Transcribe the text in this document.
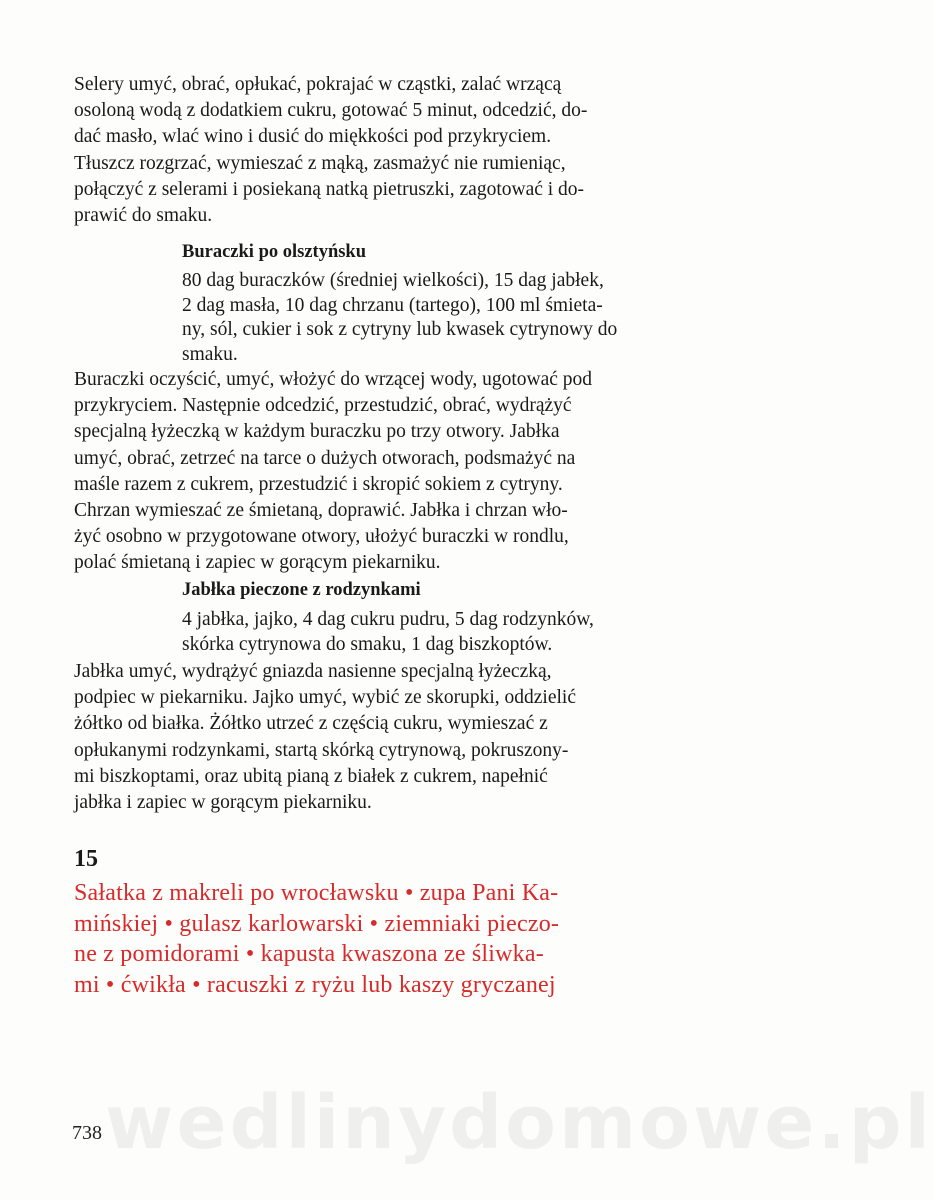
Selery umyć, obrać, opłukać, pokrajać w cząstki, zalać wrzącą
osoloną wodą z dodatkiem cukru, gotować 5 minut, odcedzić, do-
dać masło, wlać wino i dusić do miękkości pod przykryciem.
Tłuszcz rozgrzać, wymieszać z mąką, zasmażyć nie rumieniąc,
połączyć z selerami i posiekaną natką pietruszki, zagotować i do-
prawić do smaku.
Buraczki po olsztyńsku
80 dag buraczków (średniej wielkości), 15 dag jabłek,
2 dag masła, 10 dag chrzanu (tartego), 100 ml śmieta-
ny, sól, cukier i sok z cytryny lub kwasek cytrynowy do
smaku.
Buraczki oczyścić, umyć, włożyć do wrzącej wody, ugotować pod
przykryciem. Następnie odcedzić, przestudzić, obrać, wydrążyć
specjalną łyżeczką w każdym buraczku po trzy otwory. Jabłka
umyć, obrać, zetrzeć na tarce o dużych otworach, podsmażyć na
maśle razem z cukrem, przestudzić i skropić sokiem z cytryny.
Chrzan wymieszać ze śmietaną, doprawić. Jabłka i chrzan wło-
żyć osobno w przygotowane otwory, ułożyć buraczki w rondlu,
polać śmietaną i zapiec w gorącym piekarniku.
Jabłka pieczone z rodzynkami
4 jabłka, jajko, 4 dag cukru pudru, 5 dag rodzynków,
skórka cytrynowa do smaku, 1 dag biszkoptów.
Jabłka umyć, wydrążyć gniazda nasienne specjalną łyżeczką,
podpiec w piekarniku. Jajko umyć, wybić ze skorupki, oddzielić
żółtko od białka. Żółtko utrzeć z częścią cukru, wymieszać z
opłukanymi rodzynkami, startą skórką cytrynową, pokruszony-
mi biszkoptami, oraz ubitą pianą z białek z cukrem, napełnić
jabłka i zapiec w gorącym piekarniku.
15
Sałatka z makreli po wrocławsku • zupa Pani Ka-
mińskiej • gulasz karlowarski • ziemniaki pieczo-
ne z pomidorami • kapusta kwaszona ze śliwka-
mi • ćwikła • racuszki z ryżu lub kaszy gryczanej
wedlinydomowe.pl
738
